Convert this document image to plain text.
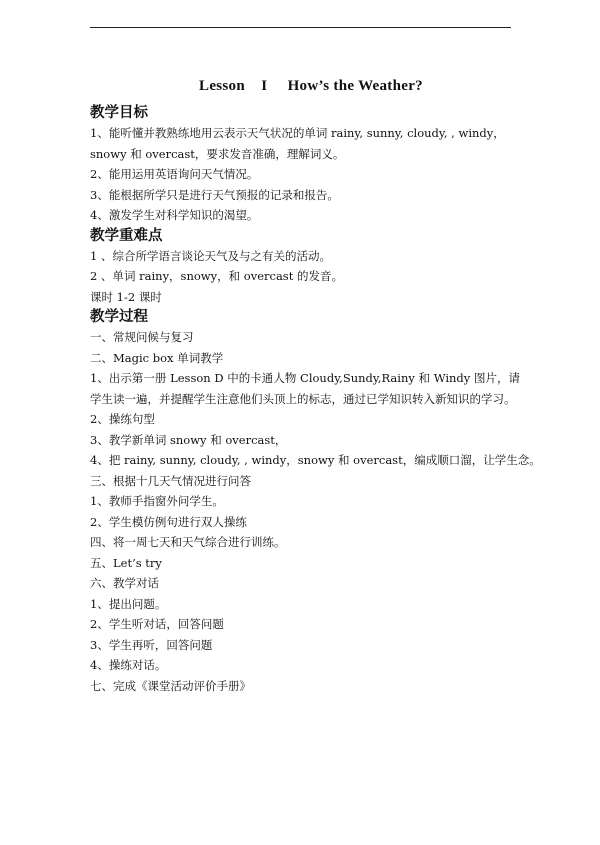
Lesson    I     How’s the Weather?

教学目标

1、能听懂并教熟练地用云表示天气状况的单词 rainy, sunny, cloudy, , windy，

snowy 和 overcast，要求发音准确，理解词义。

2、能用运用英语询问天气情况。

3、能根据所学只是进行天气预报的记录和报告。

4、激发学生对科学知识的渴望。

教学重难点

1 、综合所学语言谈论天气及与之有关的活动。

2 、单词 rainy，snowy，和 overcast 的发音。

课时 1-2 课时

教学过程

一、常规问候与复习

二、Magic box 单词教学

1、出示第一册 Lesson D 中的卡通人物 Cloudy,Sundy,Rainy 和 Windy 图片，请学生读一遍，并提醒学生注意他们头顶上的标志，通过已学知识转入新知识的学习。

2、操练句型

3、教学新单词 snowy 和 overcast，

4、把 rainy, sunny, cloudy, , windy，snowy 和 overcast，编成顺口溜，让学生念。

三、根据十几天气情况进行问答

1、教师手指窗外问学生。

2、学生模仿例句进行双人操练

四、将一周七天和天气综合进行训练。

五、Let’s try

六、教学对话

1、提出问题。

2、学生听对话，回答问题

3、学生再听，回答问题

4、操练对话。

七、完成《课堂活动评价手册》
